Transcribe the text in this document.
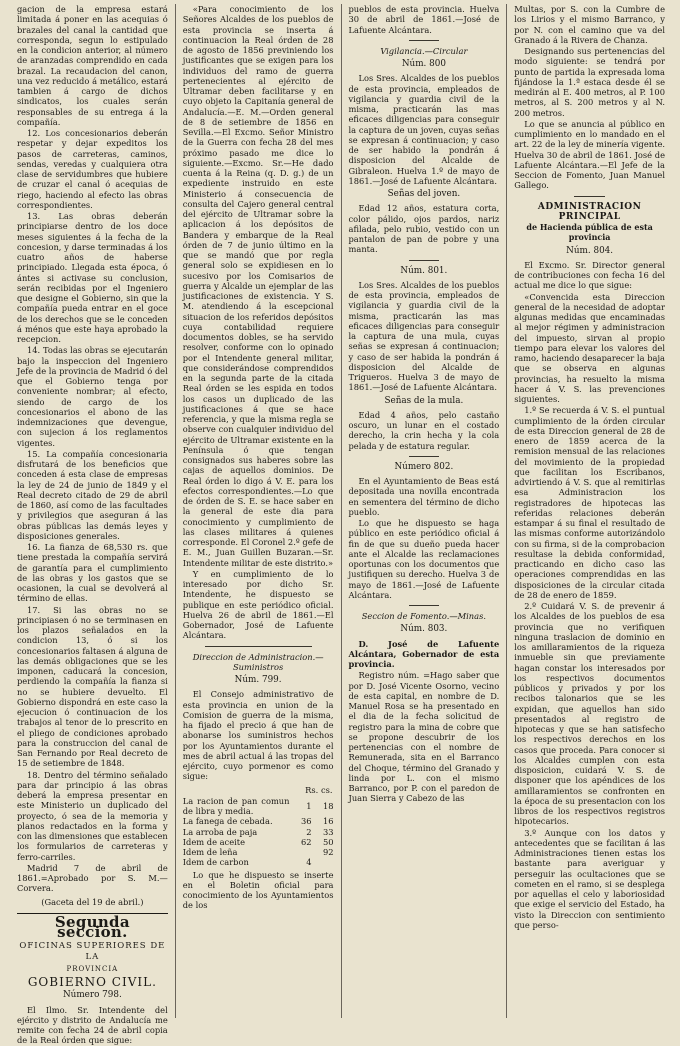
gacion de la empresa estará limitada á poner en las acequias ó brazales del canal la cantidad que corresponda, segun lo estipulado en la condicion anterior, al número de aranzadas comprendido en cada brazal. La recaudacion del canon, una vez reducido á metálico, estará tambien á cargo de dichos sindicatos, los cuales serán responsables de su entrega á la compañía.

12. Los concesionarios deberán respetar y dejar expeditos los pasos de carreteras, caminos, sendas, veredas y cualquiera otra clase de servidumbres que hubiere de cruzar el canal ó acequias de riego, haciendo al efecto las obras correspondientes.

13. Las obras deberán principiarse dentro de los doce meses siguientes á la fecha de la concesion, y darse terminadas á los cuatro años de haberse principiado. Llegada esta época, ó ántes si activase su conclusion, serán recibidas por el Ingeniero que designe el Gobierno, sin que la compañía pueda entrar en el goce de los derechos que se le conceden á ménos que este haya aprobado la recepcion.

14. Todas las obras se ejecutarán bajo la inspeccion del Ingeniero Jefe de la provincia de Madrid ó del que el Gobierno tenga por conveniente nombrar; al efecto, siendo de cargo de los concesionarios el abono de las indemnizaciones que devengue, con sujecion á los reglamentos vigentes.

15. La compañía concesionaria disfrutará de los beneficios que conceden á esta clase de empresas la ley de 24 de junio de 1849 y el Real decreto citado de 29 de abril de 1860, así como de las facultades y privilegios que aseguran á las obras públicas las demás leyes y disposiciones generales.

16. La fianza de 68,530 rs. que tiene prestada la compañía servirá de garantía para el cumplimiento de las obras y los gastos que se ocasionen, la cual se devolverá al término de ellas.

17. Si las obras no se principiasen ó no se terminasen en los plazos señalados en la condicion 13, ó si los concesionarios faltasen á alguna de las demás obligaciones que se les imponen, caducará la concesion, perdiendo la compañía la fianza si no se hubiere devuelto. El Gobierno dispondrá en este caso la ejecucion ó continuacion de los trabajos al tenor de lo prescrito en el pliego de condiciones aprobado para la construccion del canal de San Fernando por Real decreto de 15 de setiembre de 1848.

18. Dentro del término señalado para dar principio á las obras deberá la empresa presentar en este Ministerio un duplicado del proyecto, ó sea de la memoria y planos redactados en la forma y con las dimensiones que establecen los formularios de carreteras y ferro-carriles.

Madrid 7 de abril de 1861.=Aprobado por S. M.—Corvera.

(Gaceta del 19 de abril.)
Segunda seccion.
OFICINAS SUPERIORES DE LA
PROVINCIA
GOBIERNO CIVIL.
Número 798.

El Ilmo. Sr. Intendente del ejército y distrito de Andalucía me remite con fecha 24 de abril copia de la Real órden que sigue:

«Para conocimiento de los Señores Alcaldes de los pueblos de esta provincia se inserta á continuacion la Real órden de 28 de agosto de 1856 previniendo los justificantes que se exigen para los individuos del ramo de guerra pertenecientes al ejército de Ultramar deben facilitarse y en cuyo objeto la Capitanía general de Andalucía.—E. M.—Orden general de 8 de setiembre de 1856 en Sevilla.—El Excmo. Señor Ministro de la Guerra con fecha 28 del mes próximo pasado me dice lo siguiente.—Excmo. Sr.—He dado cuenta á la Reina (q. D. g.) de un expediente instruido en este Ministerio á consecuencia de consulta del Cajero general central del ejército de Ultramar sobre la aplicacion á los depósitos de Bandera y embarque de la Real órden de 7 de junio último en la que se mandó que por regla general solo se expidiesen en lo sucesivo por los Comisarios de guerra y Alcalde un ejemplar de las justificaciones de existencia. Y S. M. atendiendo á la escepcional situacion de los referidos depósitos cuya contabilidad requiere documentos dobles, se ha servido resolver, conforme con lo opinado por el Intendente general militar, que considerándose comprendidos en la segunda parte de la citada Real órden se les espida en todos los casos un duplicado de las justificaciones á que se hace referencia, y que la misma regla se observe con cualquier individuo del ejército de Ultramar existente en la Península ó que tengan consignados sus haberes sobre las cajas de aquellos dominios. De Real órden lo digo á V. E. para los efectos correspondientes.—Lo que de órden de S. E. se hace saber en la general de este dia para conocimiento y cumplimiento de las clases militares á quienes corresponde. El Coronel 2.º gefe de E. M., Juan Guillen Buzaran.—Sr. Intendente militar de este distrito.»

Y en cumplimiento de lo interesado por dicho Sr. Intendente, he dispuesto se publique en este periódico oficial. Huelva 26 de abril de 1861.—El Gobernador, José de Lafuente Alcántara.

Direccion de Administracion.—Suministros
Núm. 799.

El Consejo administrativo de esta provincia en union de la Comision de guerra de la misma, ha fijado el precio á que han de abonarse los suministros hechos por los Ayuntamientos durante el mes de abril actual á las tropas del ejército, cuyo pormenor es como sigue:

	Rs. cs.	
La racion de pan comun de libra y media.	1	18
La fanega de cebada.	36	16
La arroba de paja	2	33
Idem de aceite	62	50
Idem de leña		92
Idem de carbon	4	

Lo que he dispuesto se inserte en el Boletin oficial para conocimiento de los Ayuntamientos de los

pueblos de esta provincia. Huelva 30 de abril de 1861.—José de Lafuente Alcántara.

Vigilancia.—Circular
Núm. 800

Los Sres. Alcaldes de los pueblos de esta provincia, empleados de vigilancia y guardia civil de la misma, practicarán las mas eficaces diligencias para conseguir la captura de un joven, cuyas señas se expresan á continuacion; y caso de ser habido la pondrán á disposicion del Alcalde de Gibraleon. Huelva 1.º de mayo de 1861.—José de Lafuente Alcántara.

Señas del joven.

Edad 12 años, estatura corta, color pálido, ojos pardos, nariz afilada, pelo rubio, vestido con un pantalon de pan de pobre y una manta.

Núm. 801.

Los Sres. Alcaldes de los pueblos de esta provincia, empleados de vigilancia y guardia civil de la misma, practicarán las mas eficaces diligencias para conseguir la captura de una mula, cuyas señas se expresan á continuacion; y caso de ser habida la pondrán á disposicion del Alcalde de Trigueros. Huelva 3 de mayo de 1861.—José de Lafuente Alcántara.

Señas de la mula.

Edad 4 años, pelo castaño oscuro, un lunar en el costado derecho, la crin hecha y la cola pelada y de estatura regular.

Número 802.

En el Ayuntamiento de Beas está depositada una novilla encontrada en sementera del término de dicho pueblo.

Lo que he dispuesto se haga público en este periódico oficial á fin de que su dueño pueda hacer ante el Alcalde las reclamaciones oportunas con los documentos que justifiquen su derecho. Huelva 3 de mayo de 1861.—José de Lafuente Alcántara.

Seccion de Fomento.—Minas.
Núm. 803.

D. José de Lafuente Alcántara, Gobernador de esta provincia.

Registro núm. =Hago saber que por D. José Vicente Osorno, vecino de esta capital, en nombre de D. Manuel Rosa se ha presentado en el dia de la fecha solicitud de registro para la mina de cobre que se propone descubrir de los pertenencias con el nombre de Remunerada, sita en el Barranco del Choque, término del Granado y linda por L. con el mismo Barranco, por P. con el paredon de Juan Sierra y Cabezo de las

Multas, por S. con la Cumbre de los Lirios y el mismo Barranco, y por N. con el camino que va del Granado á la Rivera de Chanza.

Designando sus pertenencias del modo siguiente: se tendrá por punto de partida la expresada loma fijándose la 1.ª estaca desde él se medirán al E. 400 metros, al P. 100 metros, al S. 200 metros y al N. 200 metros.

Lo que se anuncia al público en cumplimiento en lo mandado en el art. 22 de la ley de minería vigente. Huelva 30 de abril de 1861. José de Lafuente Alcántara.—El Jefe de la Seccion de Fomento, Juan Manuel Gallego.

ADMINISTRACION PRINCIPAL
de Hacienda pública de esta provincia
Núm. 804.

El Excmo. Sr. Director general de contribuciones con fecha 16 del actual me dice lo que sigue:

«Convencida esta Direccion general de la necesidad de adoptar algunas medidas que encaminadas al mejor régimen y administracion del impuesto, sirvan al propio tiempo para elevar los valores del ramo, haciendo desaparecer la baja que se observa en algunas provincias, ha resuelto la misma hacer á V. S. las prevenciones siguientes.

1.º Se recuerda á V. S. el puntual cumplimiento de la órden circular de esta Direccion general de 28 de enero de 1859 acerca de la remision mensual de las relaciones del movimiento de la propiedad que facilitan los Escribanos, advirtiendo á V. S. que al remitirlas esa Administracion los registradores de hipotecas las referidas relaciones deberán estampar á su final el resultado de las mismas conforme autorizándolo con su firma, si de la comprobacion resultase la debida conformidad, practicando en dicho caso las operaciones comprendidas en las disposiciones de la circular citada de 28 de enero de 1859.

2.º Cuidará V. S. de prevenir á los Alcaldes de los pueblos de esa provincia que no verifiquen ninguna traslacion de dominio en los amillaramientos de la riqueza inmueble sin que previamente hagan constar los interesados por los respectivos documentos públicos y privados y por los recibos talonarios que se les expidan, que aquellos han sido presentados al registro de hipotecas y que se han satisfecho los respectivos derechos en los casos que proceda. Para conocer si los Alcaldes cumplen con esta disposicion, cuidará V. S. de disponer que los apéndices de los amillaramientos se confronten en la época de su presentacion con los libros de los respectivos registros hipotecarios.

3.º Aunque con los datos y antecedentes que se facilitan á las Administraciones tienen estas los bastante para averiguar y perseguir las ocultaciones que se cometen en el ramo, si se desplega por aquellas el celo y laboriosidad que exige el servicio del Estado, ha visto la Direccion con sentimiento que perso-
